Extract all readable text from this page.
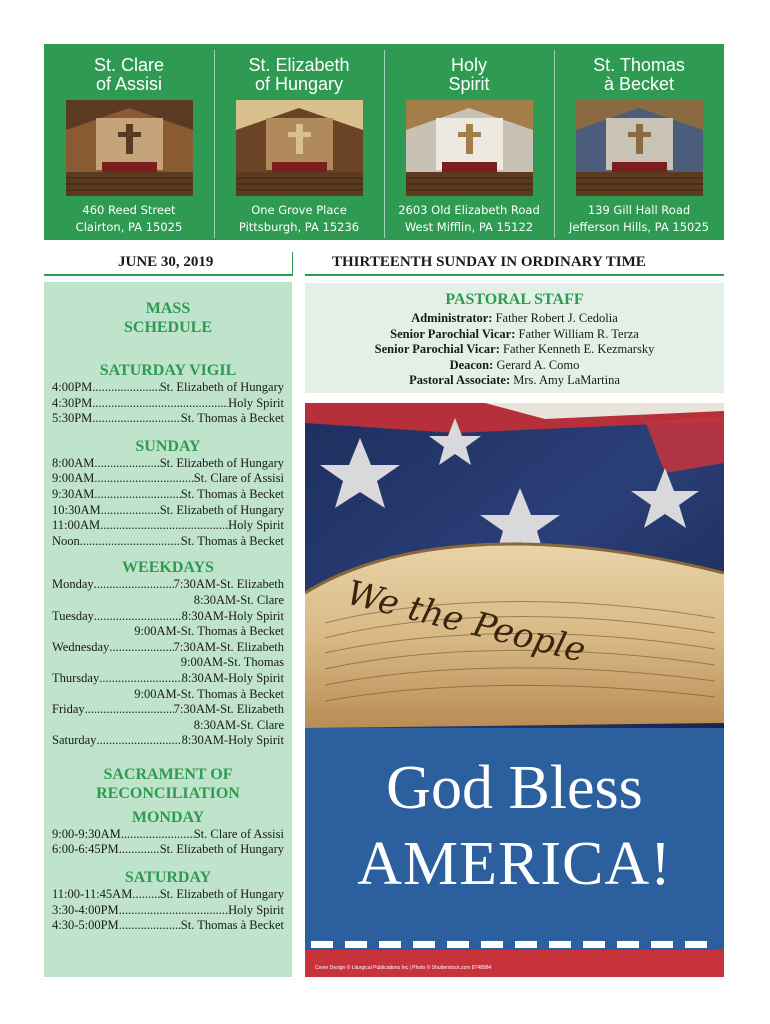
St. Clare
of Assisi
460 Reed Street
Clairton, PA 15025
St. Elizabeth
of Hungary
One Grove Place
Pittsburgh, PA 15236
Holy
Spirit
2603 Old Elizabeth Road
West Mifflin, PA 15122
St. Thomas
à Becket
139 Gill Hall Road
Jefferson Hills, PA 15025
JUNE 30, 2019	THIRTEENTH SUNDAY IN ORDINARY TIME
MASS
SCHEDULE
SATURDAY VIGIL
4:00PM .....	St. Elizabeth of Hungary
4:30PM .....	Holy Spirit
5:30PM .....	St. Thomas à Becket
SUNDAY
8:00AM .....	St. Elizabeth of Hungary
9:00AM .....	St. Clare of Assisi
9:30AM .....	St. Thomas à Becket
10:30AM .....	St. Elizabeth of Hungary
11:00AM .....	Holy Spirit
Noon .....	St. Thomas à Becket
WEEKDAYS
Monday .....	7:30AM-St. Elizabeth
8:30AM-St. Clare
Tuesday .....	8:30AM-Holy Spirit
9:00AM-St. Thomas à Becket
Wednesday .....	7:30AM-St. Elizabeth
9:00AM-St. Thomas
Thursday .....	8:30AM-Holy Spirit
9:00AM-St. Thomas à Becket
Friday .....	7:30AM-St. Elizabeth
8:30AM-St. Clare
Saturday .....	8:30AM-Holy Spirit
SACRAMENT OF
RECONCILIATION
MONDAY
9:00-9:30AM .....	St. Clare of Assisi
6:00-6:45PM .....	St. Elizabeth of Hungary
SATURDAY
11:00-11:45AM ..... St. Elizabeth of Hungary
3:30-4:00PM .....	Holy Spirit
4:30-5:00PM .....	St. Thomas à Becket
PASTORAL STAFF
Administrator: Father Robert J. Cedolia
Senior Parochial Vicar: Father William R. Terza
Senior Parochial Vicar: Father Kenneth E. Kezmarsky
Deacon: Gerard A. Como
Pastoral Associate: Mrs. Amy LaMartina
We the People
God Bless
AMERICA!
Cover Design © Liturgical Publications Inc | Photo © Shutterstock.com 8748984
